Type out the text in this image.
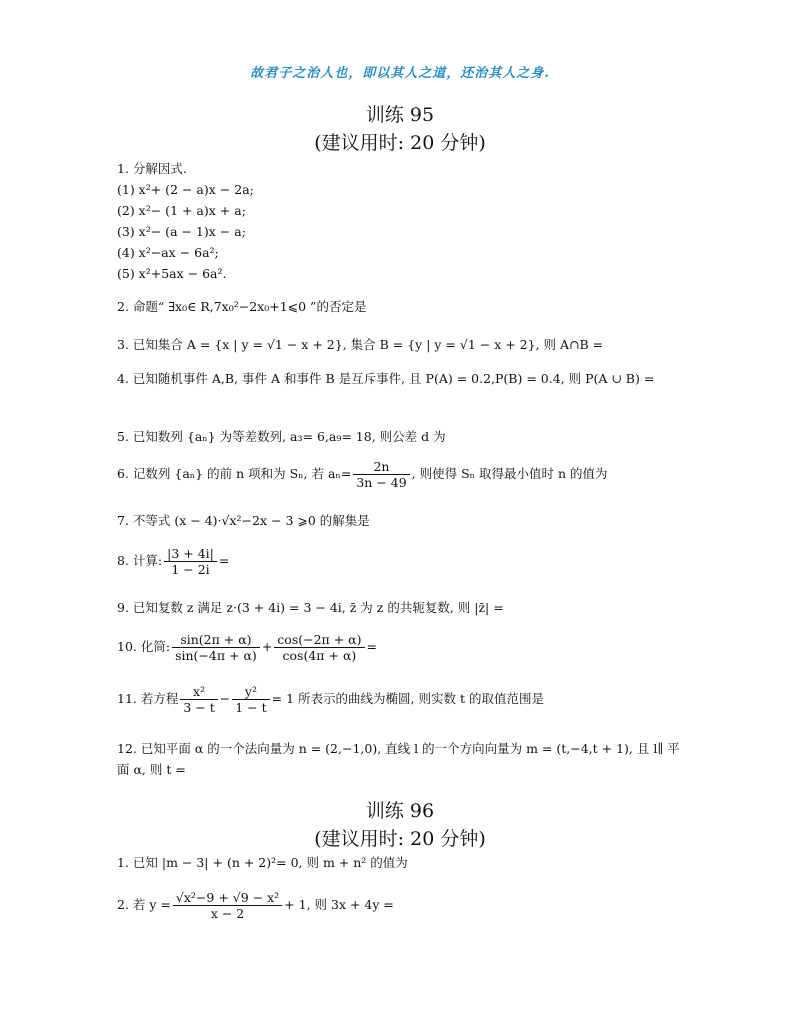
故君子之治人也，即以其人之道，还治其人之身.
训练 95
(建议用时: 20 分钟)
1. 分解因式.
(1) x²+ (2 − a)x − 2a;
(2) x²− (1 + a)x + a;
(3) x²− (a − 1)x − a;
(4) x²−ax − 6a²;
(5) x²+5ax − 6a².
2. 命题“ ∃x₀∈ R,7x₀²−2x₀+1⩽0 ”的否定是
3. 已知集合 A = {x | y = √1 − x + 2}, 集合 B = {y | y = √1 − x + 2}, 则 A∩B =
4. 已知随机事件 A,B, 事件 A 和事件 B 是互斥事件, 且 P(A) = 0.2,P(B) = 0.4, 则 P(A ∪ B) =
5. 已知数列 {aₙ} 为等差数列, a₃= 6,a₉= 18, 则公差 d 为
6. 记数列 {aₙ} 的前 n 项和为 Sₙ, 若 $a_n= \frac{2n}{3n - 49}$ , 则使得 Sₙ 取得最小值时 n 的值为
7. 不等式 (x − 4)·√x²−2x − 3 ⩾0 的解集是
8. 计算: $\frac{|3 + 4i|}{1 - 2i}$ =
9. 已知复数 z 满足 z·(3 + 4i) = 3 − 4i, z̄ 为 z 的共轭复数, 则 |z̄| =
10. 化简: $\frac{\sin(2\pi + \alpha)}{\sin(-4\pi + \alpha)} + \frac{\cos(-2\pi + \alpha)}{\cos(4\pi + \alpha)}$ =
11. 若方程 $\frac{\text{x²}}{3 - t} - \frac{\text{y²}}{1 - t} = 1$ 所表示的曲线为椭圆, 则实数 t 的取值范围是
12. 已知平面 α 的一个法向量为 n = (2,−1,0), 直线 l 的一个方向向量为 m = (t,−4,t + 1), 且 l∥ 平面 α, 则 t =
训练 96
(建议用时: 20 分钟)
1. 已知 |m − 3| + (n + 2)²= 0, 则 m + n² 的值为
2. 若 $y = \frac{\text{√x²−9 + √9 − x²}}{x - 2} + 1$, 则 3x + 4y =
